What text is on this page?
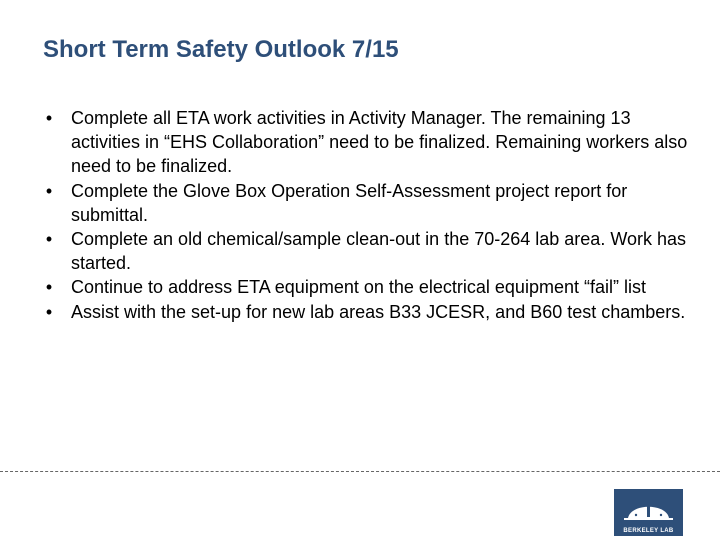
Short Term Safety Outlook 7/15
• Complete all ETA work activities in Activity Manager. The remaining 13 activities in “EHS Collaboration” need to be finalized. Remaining workers also need to be finalized.
• Complete the Glove Box Operation Self-Assessment project report for submittal.
• Complete an old chemical/sample clean-out in the 70-264 lab area. Work has started.
• Continue to address ETA equipment on the electrical equipment “fail” list
• Assist with the set-up for new lab areas B33 JCESR, and B60 test chambers.
BERKELEY LAB
